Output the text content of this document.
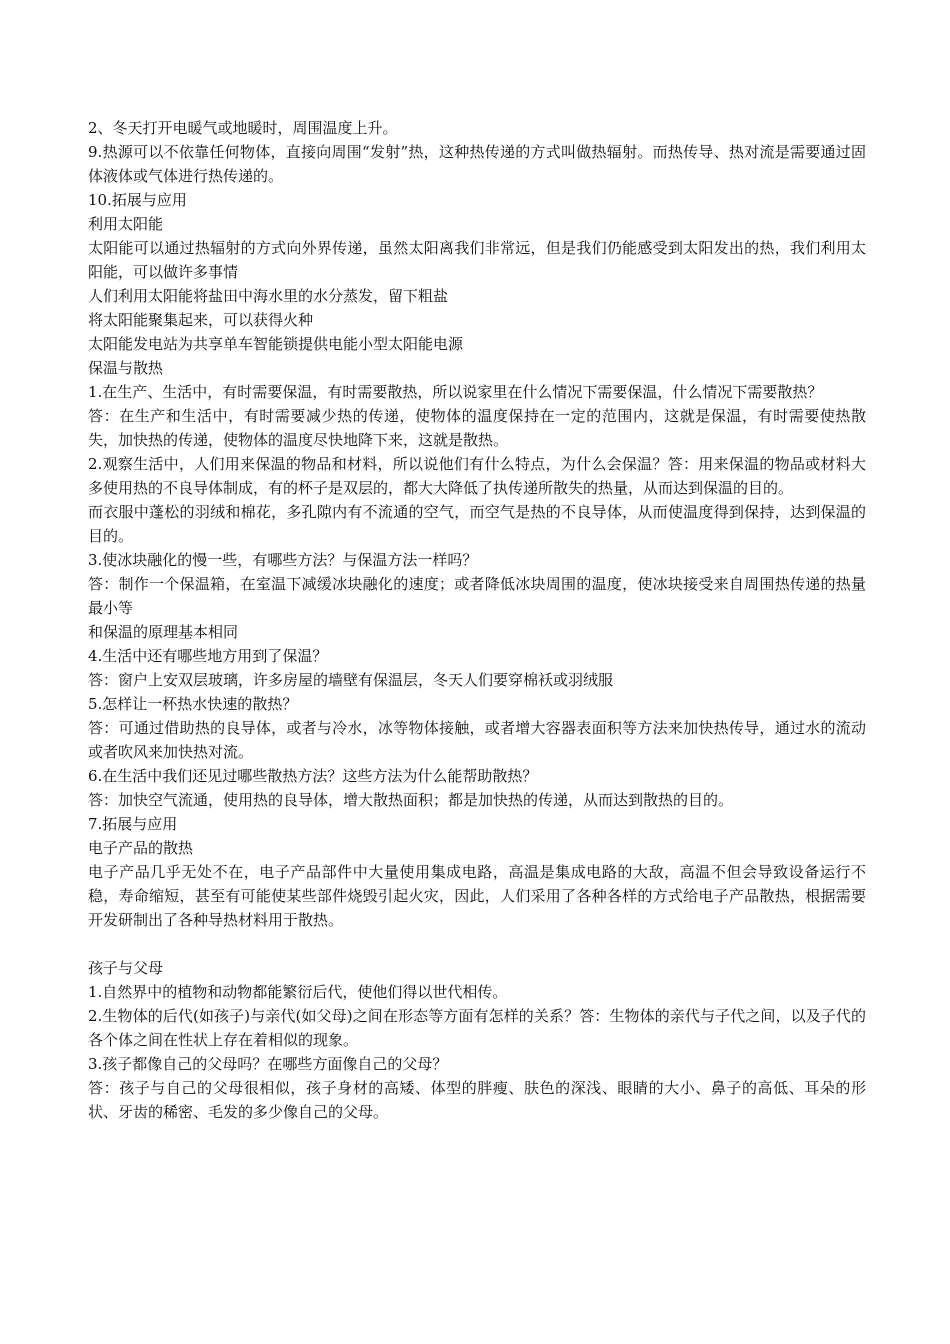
2、冬天打开电暖气或地暖时，周围温度上升。

9.热源可以不依靠任何物体，直接向周围“发射”热，这种热传递的方式叫做热辐射。而热传导、热对流是需要通过固体液体或气体进行热传递的。

10.拓展与应用

利用太阳能

太阳能可以通过热辐射的方式向外界传递，虽然太阳离我们非常远，但是我们仍能感受到太阳发出的热，我们利用太阳能，可以做许多事情

人们利用太阳能将盐田中海水里的水分蒸发，留下粗盐

将太阳能聚集起来，可以获得火种

太阳能发电站为共享单车智能锁提供电能小型太阳能电源

保温与散热

1.在生产、生活中，有时需要保温，有时需要散热，所以说家里在什么情况下需要保温，什么情况下需要散热？

答：在生产和生活中，有时需要减少热的传递，使物体的温度保持在一定的范围内，这就是保温，有时需要使热散失，加快热的传递，使物体的温度尽快地降下来，这就是散热。

2.观察生活中，人们用来保温的物品和材料，所以说他们有什么特点，为什么会保温？答：用来保温的物品或材料大多使用热的不良导体制成，有的杯子是双层的，都大大降低了执传递所散失的热量，从而达到保温的目的。

而衣服中蓬松的羽绒和棉花，多孔隙内有不流通的空气，而空气是热的不良导体，从而使温度得到保持，达到保温的目的。

3.使冰块融化的慢一些，有哪些方法？与保温方法一样吗？

答：制作一个保温箱，在室温下减缓冰块融化的速度；或者降低冰块周围的温度，使冰块接受来自周围热传递的热量最小等

和保温的原理基本相同

4.生活中还有哪些地方用到了保温？

答：窗户上安双层玻璃，许多房屋的墙壁有保温层，冬天人们要穿棉袄或羽绒服

5.怎样让一杯热水快速的散热？

答：可通过借助热的良导体，或者与冷水，冰等物体接触，或者增大容器表面积等方法来加快热传导，通过水的流动或者吹风来加快热对流。

6.在生活中我们还见过哪些散热方法？这些方法为什么能帮助散热？

答：加快空气流通，使用热的良导体，增大散热面积；都是加快热的传递，从而达到散热的目的。

7.拓展与应用

电子产品的散热

电子产品几乎无处不在，电子产品部件中大量使用集成电路，高温是集成电路的大敌，高温不但会导致设备运行不稳，寿命缩短，甚至有可能使某些部件烧毁引起火灾，因此，人们采用了各种各样的方式给电子产品散热，根据需要开发研制出了各种导热材料用于散热。

孩子与父母

1.自然界中的植物和动物都能繁衍后代，使他们得以世代相传。

2.生物体的后代(如孩子)与亲代(如父母)之间在形态等方面有怎样的关系？答：生物体的亲代与子代之间，以及子代的各个体之间在性状上存在着相似的现象。

3.孩子都像自己的父母吗？在哪些方面像自己的父母？

答：孩子与自己的父母很相似，孩子身材的高矮、体型的胖瘦、肤色的深浅、眼睛的大小、鼻子的高低、耳朵的形状、牙齿的稀密、毛发的多少像自己的父母。
